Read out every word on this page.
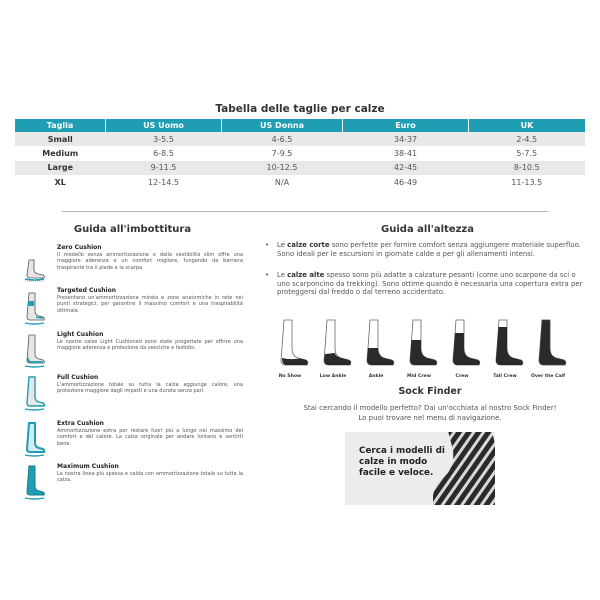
Tabella delle taglie per calze
Taglia	US Uomo	US Donna	Euro	UK
Small	3-5.5	4-6.5	34-37	2-4.5
Medium	6-8.5	7-9.5	38-41	5-7.5
Large	9-11.5	10-12.5	42-45	8-10.5
XL	12-14.5	N/A	46-49	11-13.5
Guida all'imbottitura
Zero Cushion
Il modello senza ammortizzazione e dalla vestibilità slim offre una maggiore aderenza e un comfort migliore, fungendo da barriera traspirante tra il piede e la scarpa.
Targeted Cushion
Presentano un'ammortizzazione mirata e zone anatomiche in rete nei punti strategici, per garantire il massimo comfort e una traspirabilità ottimale.
Light Cushion
Le nostre calze Light Cushioned sono state progettate per offrire una maggiore aderenza e protezione da vesciche e fastidio.
Full Cushion
L'ammortizzazione totale su tutta la calza aggiunge calore, una protezione maggiore dagli impatti e una durata senza pari.
Extra Cushion
Ammortizzazione extra per restare fuori più a lungo nel massimo del comfort e del calore. La calza originale per andare lontano e sentirti bene.
Maximum Cushion
La nostra linea più spessa e calda con ammortizzazione totale su tutta la calza.
Guida all'altezza
•	Le calze corte sono perfette per fornire comfort senza aggiungere materiale superfluo. Sono ideali per le escursioni in giornate calde o per gli allenamenti intensi.
•	Le calze alte spesso sono più adatte a calzature pesanti (come uno scarpone da sci o uno scarponcino da trekking). Sono ottime quando è necessaria una copertura extra per proteggersi dal freddo o dal terreno accidentato.
No Show	Low Ankle	Ankle	Mid Crew	Crew	Tall Crew	Over the Calf
Sock Finder
Stai cercando il modello perfetto? Dai un'occhiata al nostro Sock Finder!
Lo puoi trovare nel menu di navigazione.
Cerca i modelli di calze in modo facile e veloce.
